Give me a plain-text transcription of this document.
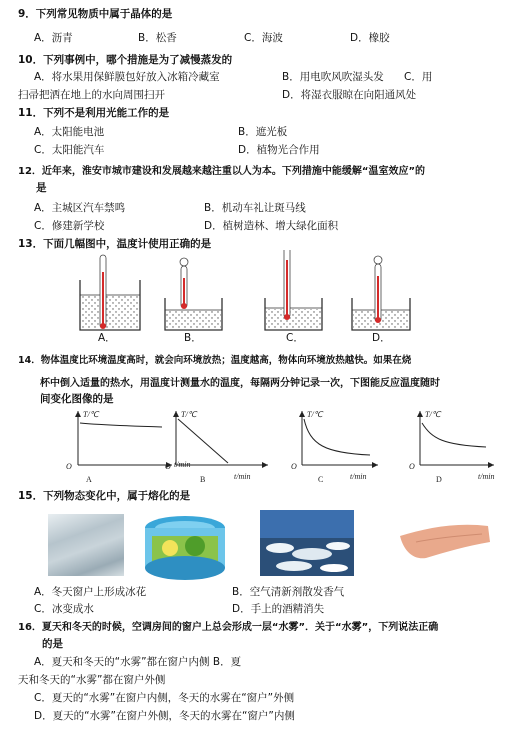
9．下列常见物质中属于晶体的是
A．沥青	B．松香	C．海波	D．橡胶
10．下列事例中，哪个措施是为了减慢蒸发的
A．将水果用保鲜膜包好放入冰箱冷藏室	B．用电吹风吹湿头发 C．用
扫帚把洒在地上的水向周围扫开	D．将湿衣服晾在向阳通风处
11．下列不是利用光能工作的是
A．太阳能电池	B．遮光板
C．太阳能汽车	D．植物光合作用
12．近年来，淮安市城市建设和发展越来越注重以人为本。下列措施中能缓解“温室效应”的
是
A．主城区汽车禁鸣	B．机动车礼让斑马线
C．修建新学校	D．植树造林、增大绿化面积
13．下面几幅图中，温度计使用正确的是
A．	B．	C．	D．
14．物体温度比环境温度高时，就会向环境放热；温度越高，物体向环境放热越快。如果在烧
杯中倒入适量的热水，用温度计测量水的温度，每隔两分钟记录一次，下图能反应温度随时
间变化图像的是
T/℃
t/min
O
A
T/℃
t/min
O
B
T/℃
t/min
O
C
T/℃
t/min
O
D
15．下列物态变化中，属于熔化的是
A．冬天窗户上形成冰花	B．空气清新剂散发香气
C．冰变成水	D．手上的酒精消失
16．夏天和冬天的时候，空调房间的窗户上总会形成一层“水雾”．关于“水雾”，下列说法正确
的是
A．夏天和冬天的“水雾”都在窗户内侧 B．夏
天和冬天的“水雾”都在窗户外侧
C．夏天的“水雾”在窗户内侧，冬天的水雾在“窗户”外侧
D．夏天的“水雾”在窗户外侧，冬天的水雾在“窗户”内侧
